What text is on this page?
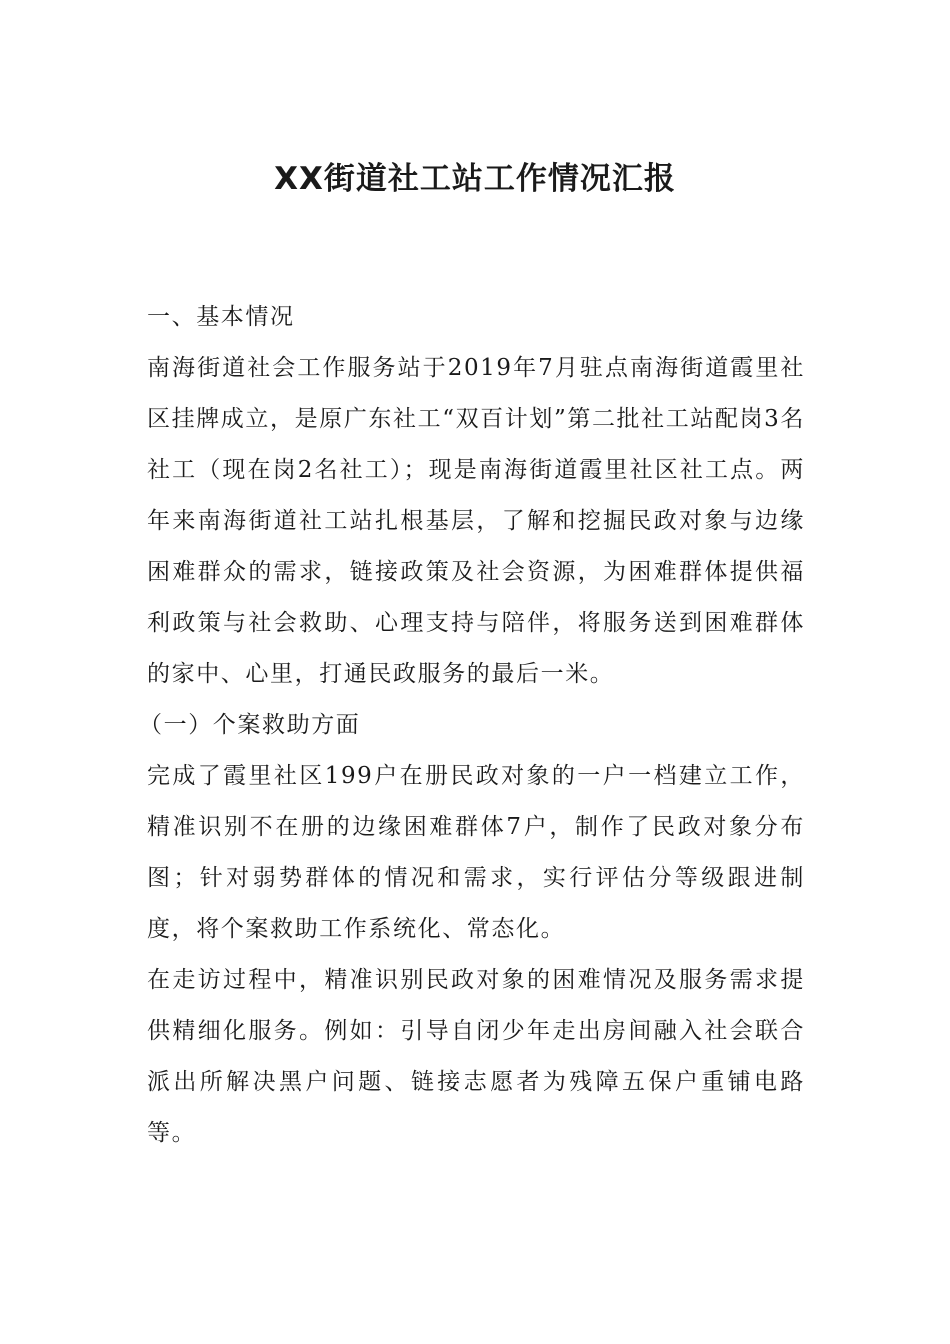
XX街道社工站工作情况汇报

一、基本情况

南海街道社会工作服务站于2019年7月驻点南海街道霞里社区挂牌成立，是原广东社工“双百计划”第二批社工站配岗3名社工（现在岗2名社工）；现是南海街道霞里社区社工点。两年来南海街道社工站扎根基层，了解和挖掘民政对象与边缘困难群众的需求，链接政策及社会资源，为困难群体提供福利政策与社会救助、心理支持与陪伴，将服务送到困难群体的家中、心里，打通民政服务的最后一米。

（一）个案救助方面

完成了霞里社区199户在册民政对象的一户一档建立工作，精准识别不在册的边缘困难群体7户，制作了民政对象分布图；针对弱势群体的情况和需求，实行评估分等级跟进制度，将个案救助工作系统化、常态化。

在走访过程中，精准识别民政对象的困难情况及服务需求提供精细化服务。例如：引导自闭少年走出房间融入社会联合派出所解决黑户问题、链接志愿者为残障五保户重铺电路等。
